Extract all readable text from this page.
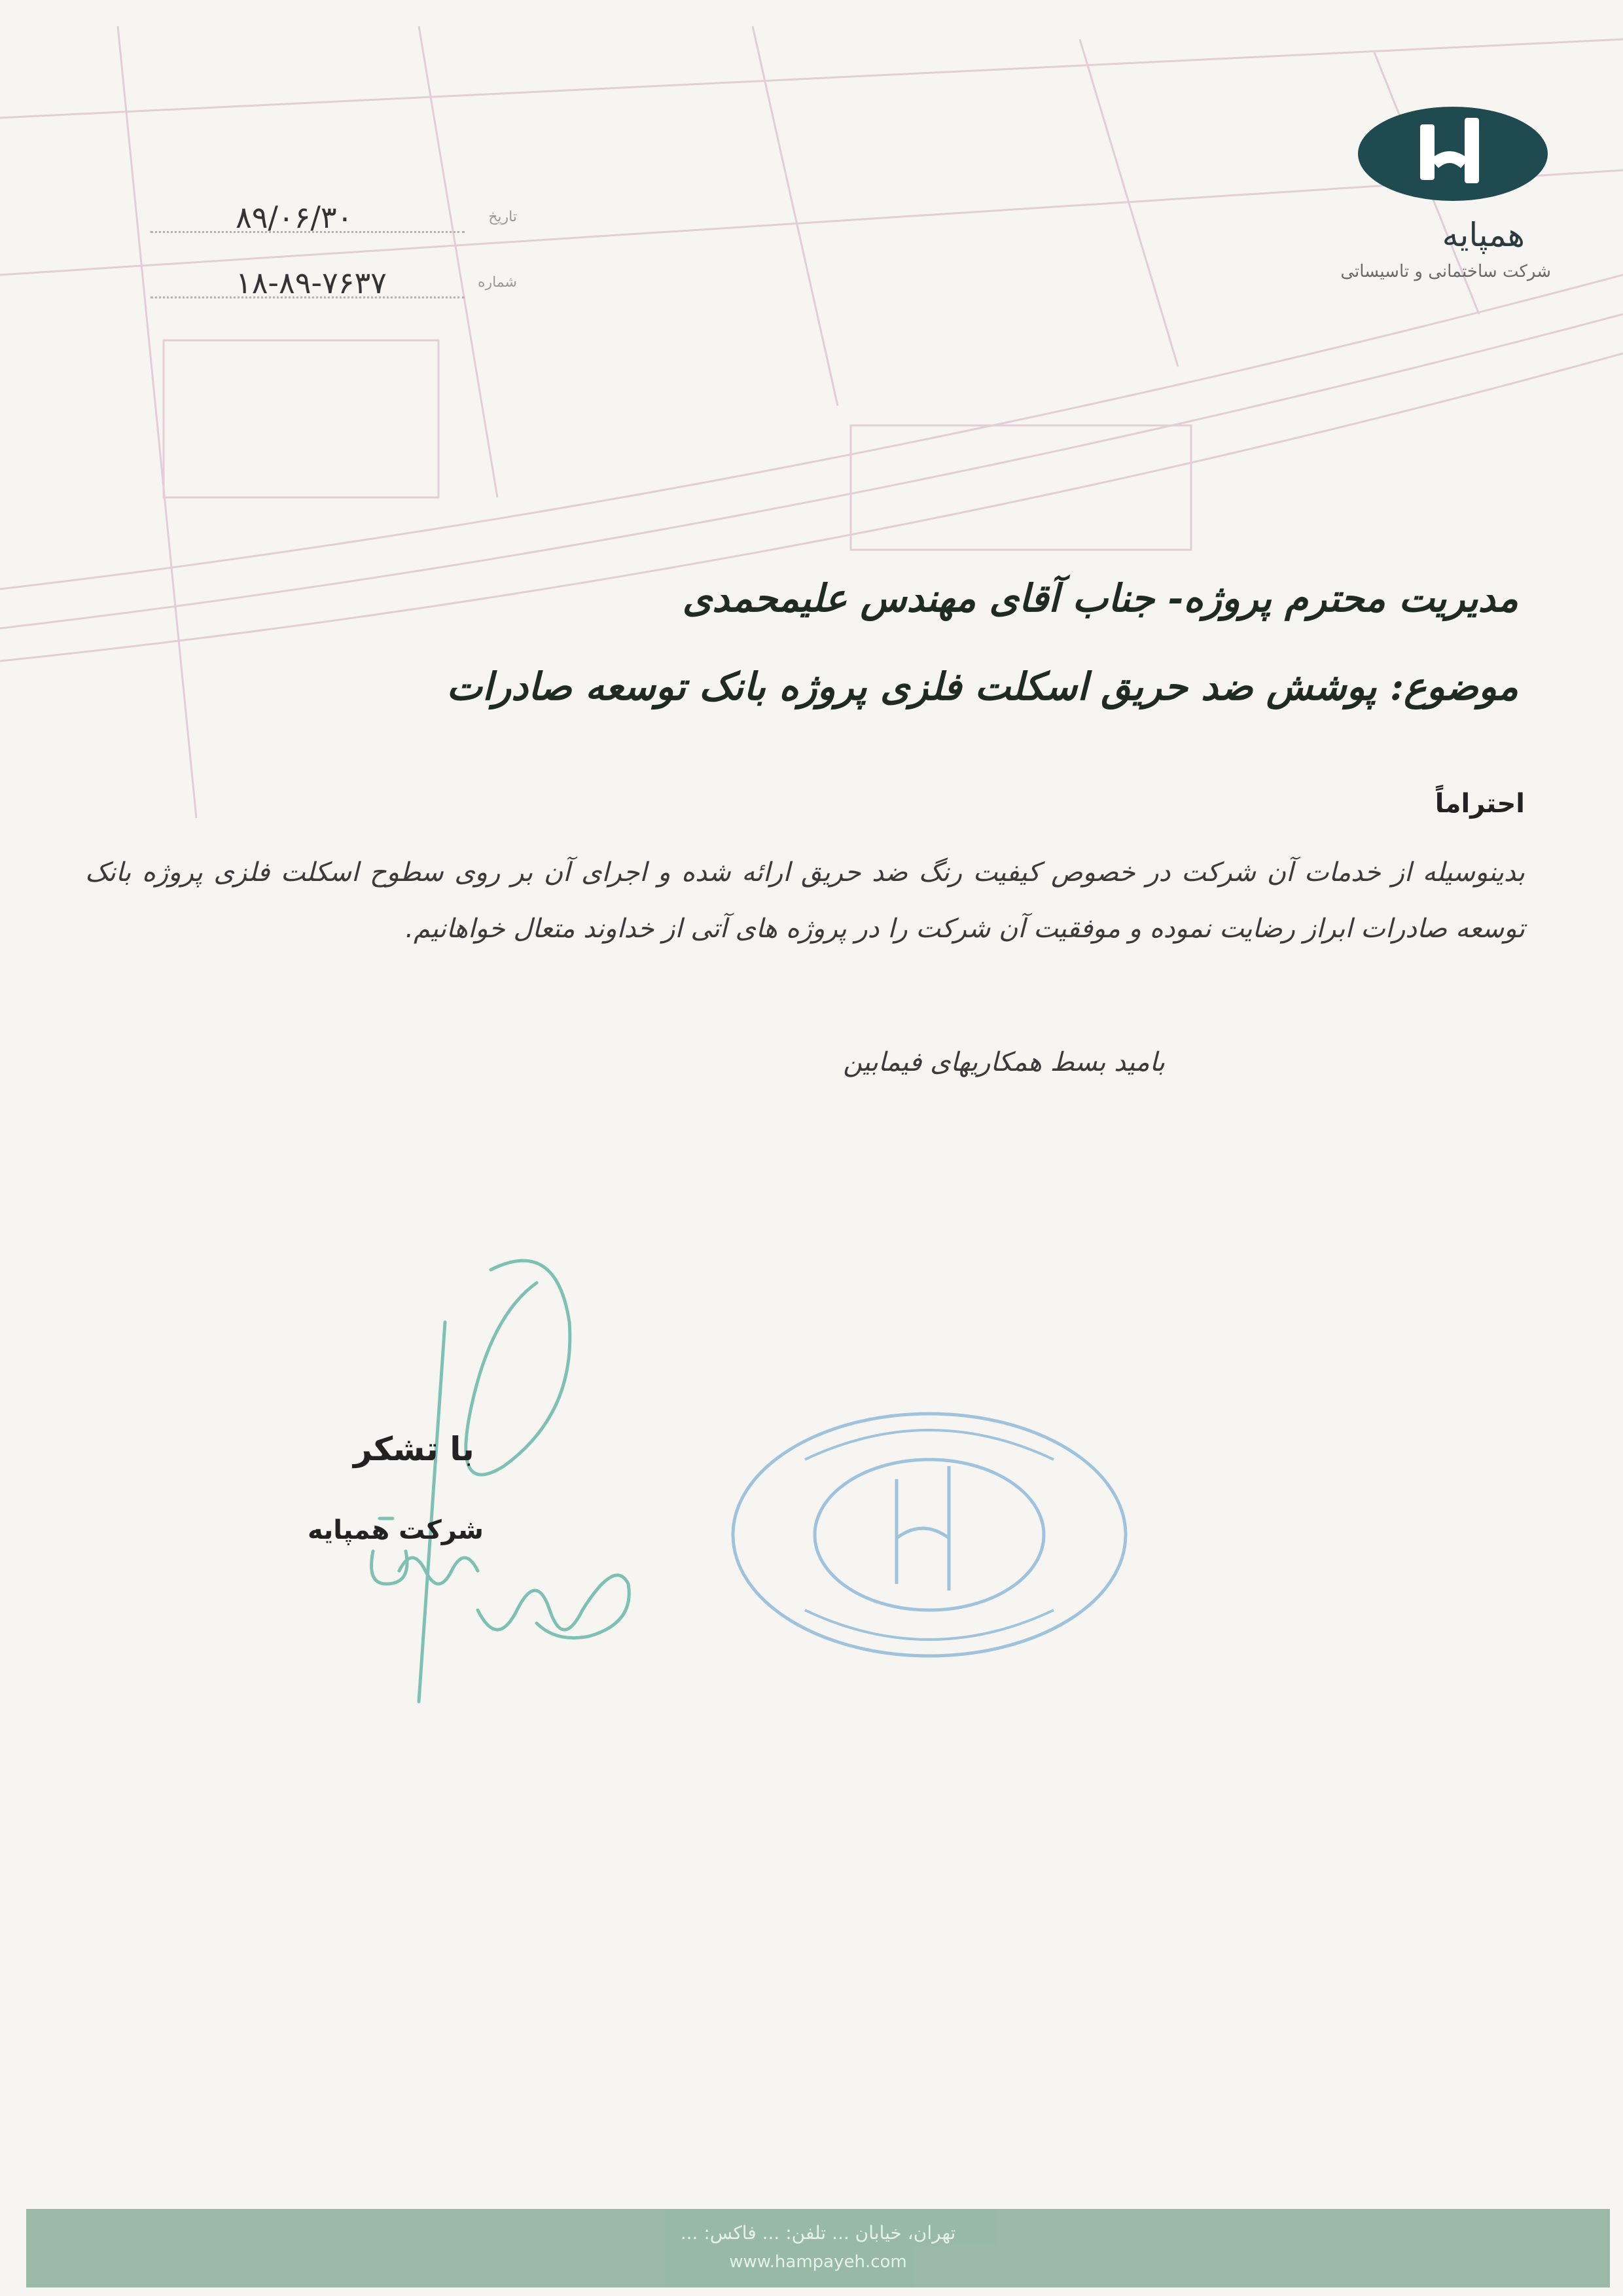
همپایه
شرکت ساختمانی و تاسیساتی
تاریخ
۸۹/۰۶/۳۰
شماره
۱۸-۸۹-۷۶۳۷
مدیریت محترم پروژه- جناب آقای مهندس علیمحمدی
موضوع: پوشش ضد حریق اسکلت فلزی پروژه بانک توسعه صادرات
احتراماً
بدینوسیله از خدمات آن شرکت در خصوص کیفیت رنگ ضد حریق ارائه شده و اجرای آن بر روی سطوح اسکلت فلزی پروژه بانک توسعه صادرات ابراز رضایت نموده و موفقیت آن شرکت را در پروژه های آتی از خداوند متعال خواهانیم.
بامید بسط همکاریهای فیمابین
با تشکر
شرکت همپایه
تهران، خیابان ... تلفن: ... فاکس: ...
www.hampayeh.com
